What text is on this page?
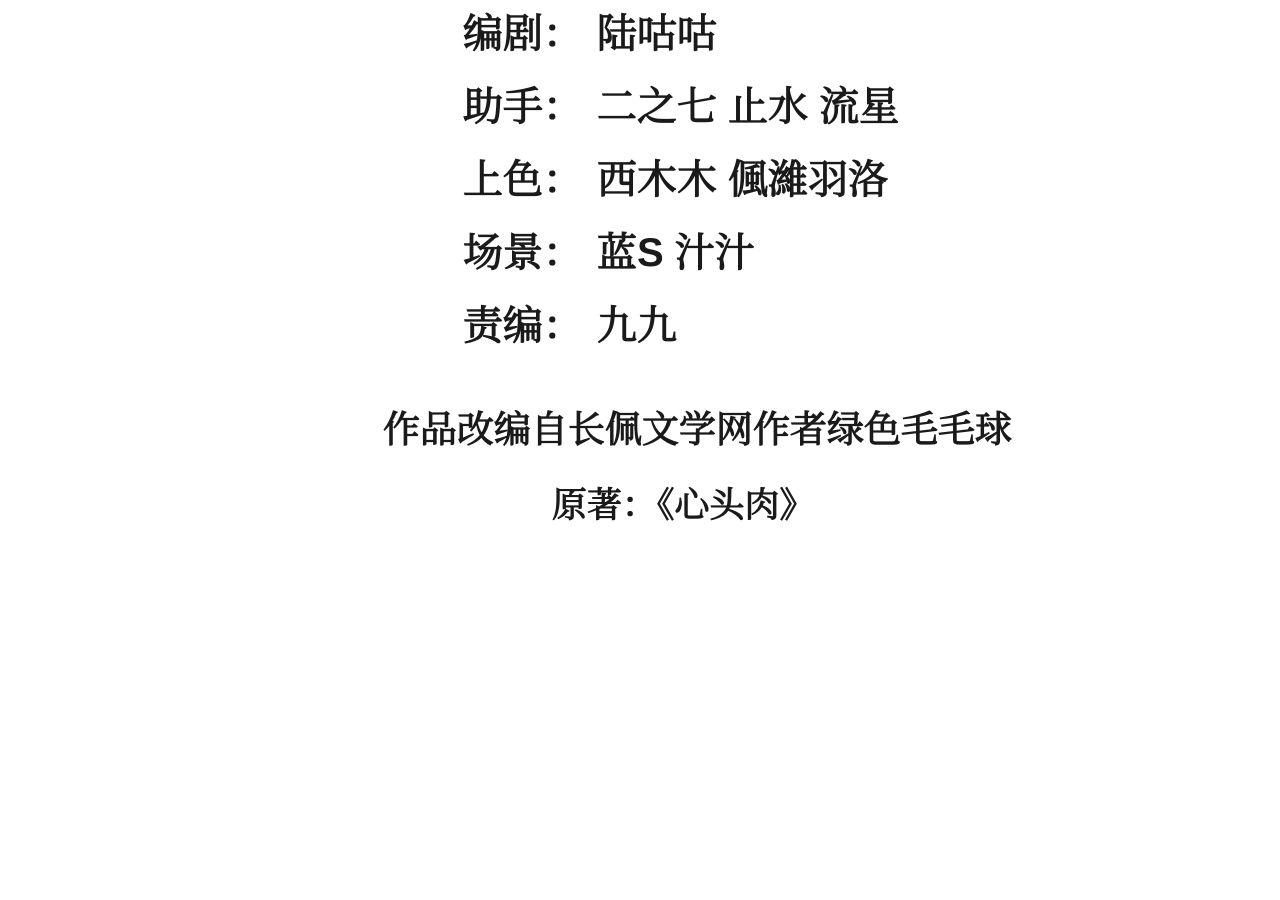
编剧： 陆咕咕
助手： 二之七 止水 流星
上色： 西木木 偑濰羽洛
场景： 蓝S 汁汁
责编： 九九
作品改编自长佩文学网作者绿色毛毛球
原著：《心头肉》
